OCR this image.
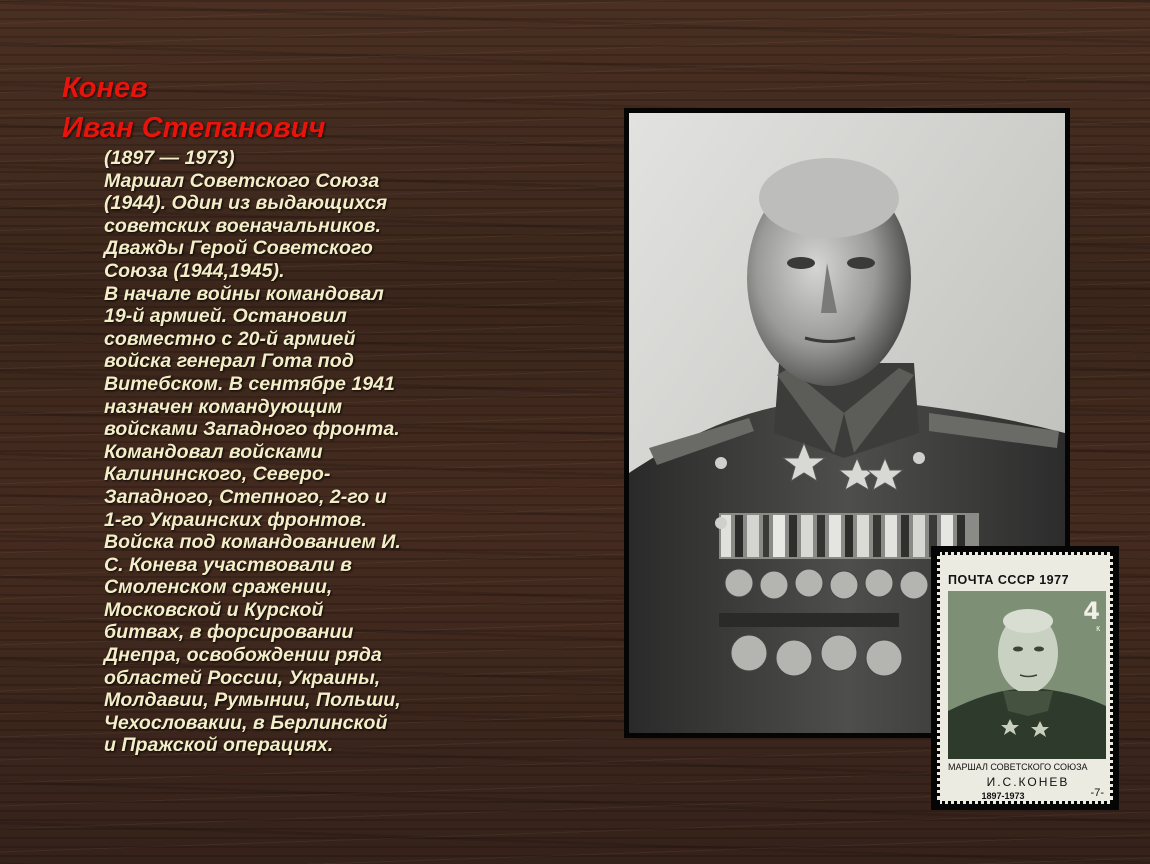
Конев
Иван Степанович
(1897 — 1973)
Маршал Советского Союза
(1944). Один из выдающихся
советских военачальников.
Дважды Герой Советского
Союза (1944,1945).
В начале войны командовал
19-й армией. Остановил
совместно с 20-й армией
войска генерал Гота под
Витебском. В сентябре 1941
назначен командующим
войсками Западного фронта.
Командовал войсками
Калининского, Северо-
Западного, Степного, 2-го и
1-го Украинских фронтов.
Войска под командованием И.
С. Конева участвовали в
Смоленском сражении,
Московской и Курской
битвах, в форсировании
Днепра, освобождении ряда
областей России, Украины,
Молдавии, Румынии, Польши,
Чехословакии, в Берлинской
и Пражской операциях.
ПОЧТА СССР 1977
4
к
МАРШАЛ СОВЕТСКОГО СОЮЗА
И.С.КОНЕВ
1897-1973	-7-
